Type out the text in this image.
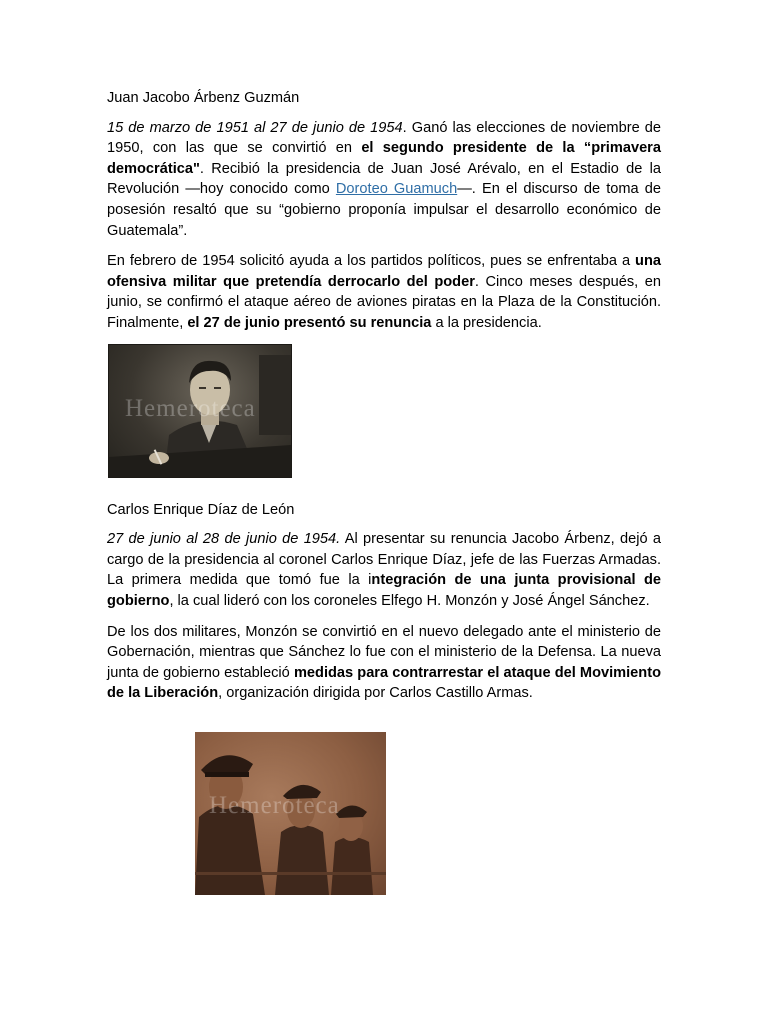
Juan Jacobo Árbenz Guzmán

15 de marzo de 1951 al 27 de junio de 1954. Ganó las elecciones de noviembre de 1950, con las que se convirtió en el segundo presidente de la “primavera democrática". Recibió la presidencia de Juan José Arévalo, en el Estadio de la Revolución —hoy conocido como Doroteo Guamuch—. En el discurso de toma de posesión resaltó que su “gobierno proponía impulsar el desarrollo económico de Guatemala”.

En febrero de 1954 solicitó ayuda a los partidos políticos, pues se enfrentaba a una ofensiva militar que pretendía derrocarlo del poder. Cinco meses después, en junio, se confirmó el ataque aéreo de aviones piratas en la Plaza de la Constitución. Finalmente, el 27 de junio presentó su renuncia a la presidencia.

Hemeroteca

Carlos Enrique Díaz de León

27 de junio al 28 de junio de 1954. Al presentar su renuncia Jacobo Árbenz, dejó a cargo de la presidencia al coronel Carlos Enrique Díaz, jefe de las Fuerzas Armadas. La primera medida que tomó fue la integración de una junta provisional de gobierno, la cual lideró con los coroneles Elfego H. Monzón y José Ángel Sánchez.

De los dos militares, Monzón se convirtió en el nuevo delegado ante el ministerio de Gobernación, mientras que Sánchez lo fue con el ministerio de la Defensa. La nueva junta de gobierno estableció medidas para contrarrestar el ataque del Movimiento de la Liberación, organización dirigida por Carlos Castillo Armas.

Hemeroteca
